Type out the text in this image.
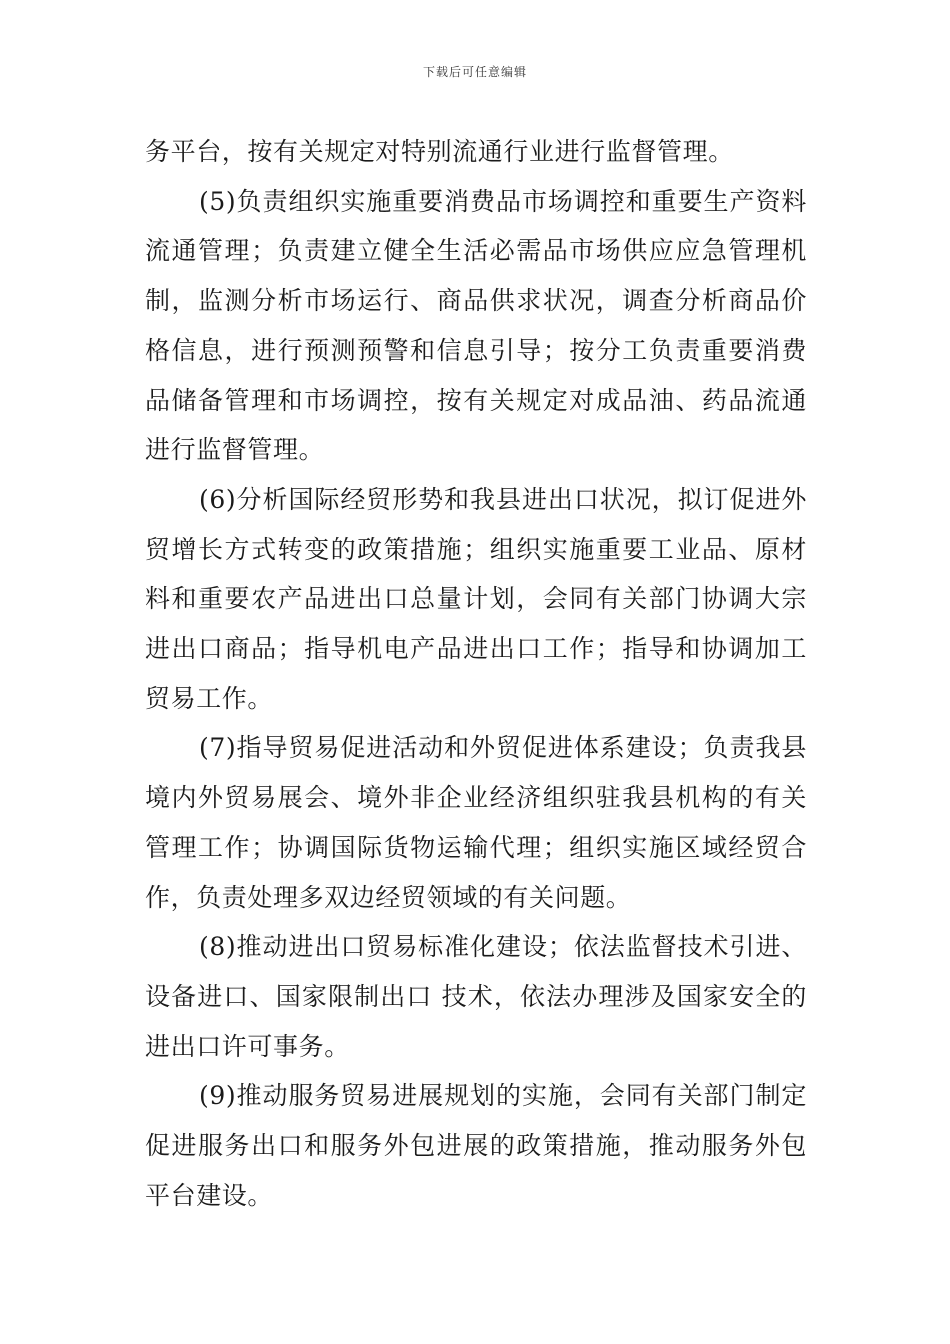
下载后可任意编辑

务平台，按有关规定对特别流通行业进行监督管理。

(5)负责组织实施重要消费品市场调控和重要生产资料流通管理；负责建立健全生活必需品市场供应应急管理机制，监测分析市场运行、商品供求状况，调查分析商品价格信息，进行预测预警和信息引导；按分工负责重要消费品储备管理和市场调控，按有关规定对成品油、药品流通进行监督管理。

(6)分析国际经贸形势和我县进出口状况，拟订促进外贸增长方式转变的政策措施；组织实施重要工业品、原材料和重要农产品进出口总量计划，会同有关部门协调大宗进出口商品；指导机电产品进出口工作；指导和协调加工贸易工作。

(7)指导贸易促进活动和外贸促进体系建设；负责我县境内外贸易展会、境外非企业经济组织驻我县机构的有关管理工作；协调国际货物运输代理；组织实施区域经贸合作，负责处理多双边经贸领域的有关问题。

(8)推动进出口贸易标准化建设；依法监督技术引进、设备进口、国家限制出口 技术，依法办理涉及国家安全的进出口许可事务。

(9)推动服务贸易进展规划的实施，会同有关部门制定促进服务出口和服务外包进展的政策措施，推动服务外包平台建设。
